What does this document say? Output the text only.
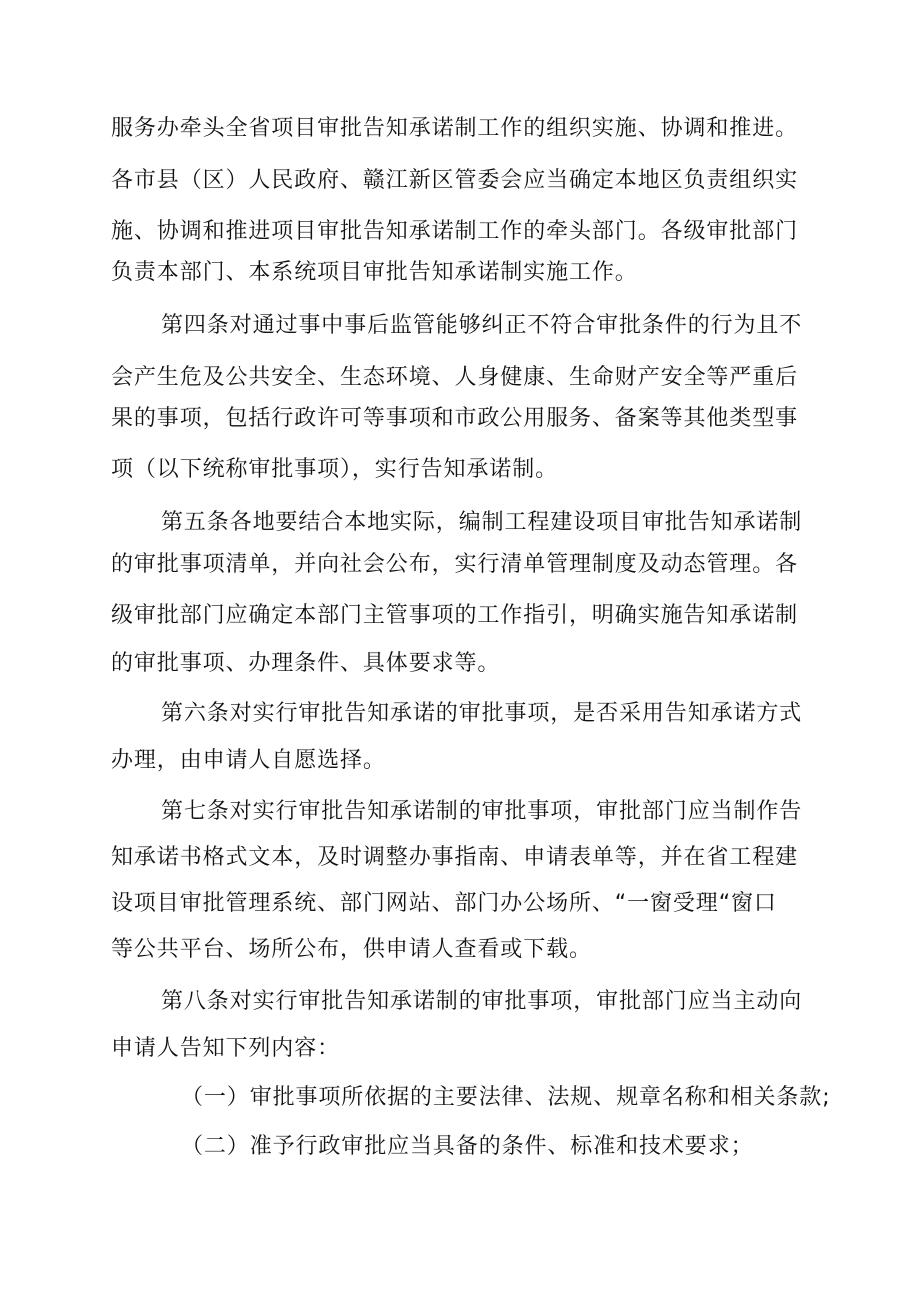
服务办牵头全省项目审批告知承诺制工作的组织实施、协调和推进。
各市县（区）人民政府、赣江新区管委会应当确定本地区负责组织实
施、协调和推进项目审批告知承诺制工作的牵头部门。各级审批部门
负责本部门、本系统项目审批告知承诺制实施工作。
第四条对通过事中事后监管能够纠正不符合审批条件的行为且不
会产生危及公共安全、生态环境、人身健康、生命财产安全等严重后
果的事项，包括行政许可等事项和市政公用服务、备案等其他类型事
项（以下统称审批事项），实行告知承诺制。
第五条各地要结合本地实际，编制工程建设项目审批告知承诺制
的审批事项清单，并向社会公布，实行清单管理制度及动态管理。各
级审批部门应确定本部门主管事项的工作指引，明确实施告知承诺制
的审批事项、办理条件、具体要求等。
第六条对实行审批告知承诺的审批事项，是否采用告知承诺方式
办理，由申请人自愿选择。
第七条对实行审批告知承诺制的审批事项，审批部门应当制作告
知承诺书格式文本，及时调整办事指南、申请表单等，并在省工程建
设项目审批管理系统、部门网站、部门办公场所、“一窗受理“窗口
等公共平台、场所公布，供申请人查看或下载。
第八条对实行审批告知承诺制的审批事项，审批部门应当主动向
申请人告知下列内容：
（一）审批事项所依据的主要法律、法规、规章名称和相关条款;
（二）准予行政审批应当具备的条件、标准和技术要求；
